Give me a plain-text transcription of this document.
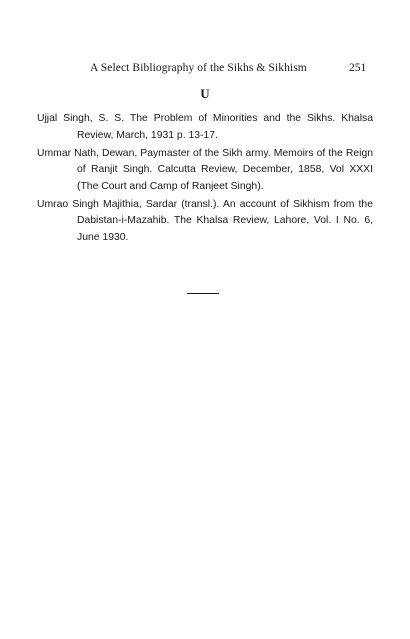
A Select Bibliography of the Sikhs & Sikhism	251
U

Ujjal Singh, S. S. The Problem of Minorities and the Sikhs. Khalsa Review, March, 1931 p. 13-17.

Ummar Nath, Dewan, Paymaster of the Sikh army. Memoirs of the Reign of Ranjit Singh. Calcutta Review, December, 1858, Vol XXXI (The Court and Camp of Ranjeet Singh).

Umrao Singh Majithia, Sardar (transl.). An account of Sikhism from the Dabistan-i-Mazahib. The Khalsa Review, Lahore, Vol. I No. 6, June 1930.
